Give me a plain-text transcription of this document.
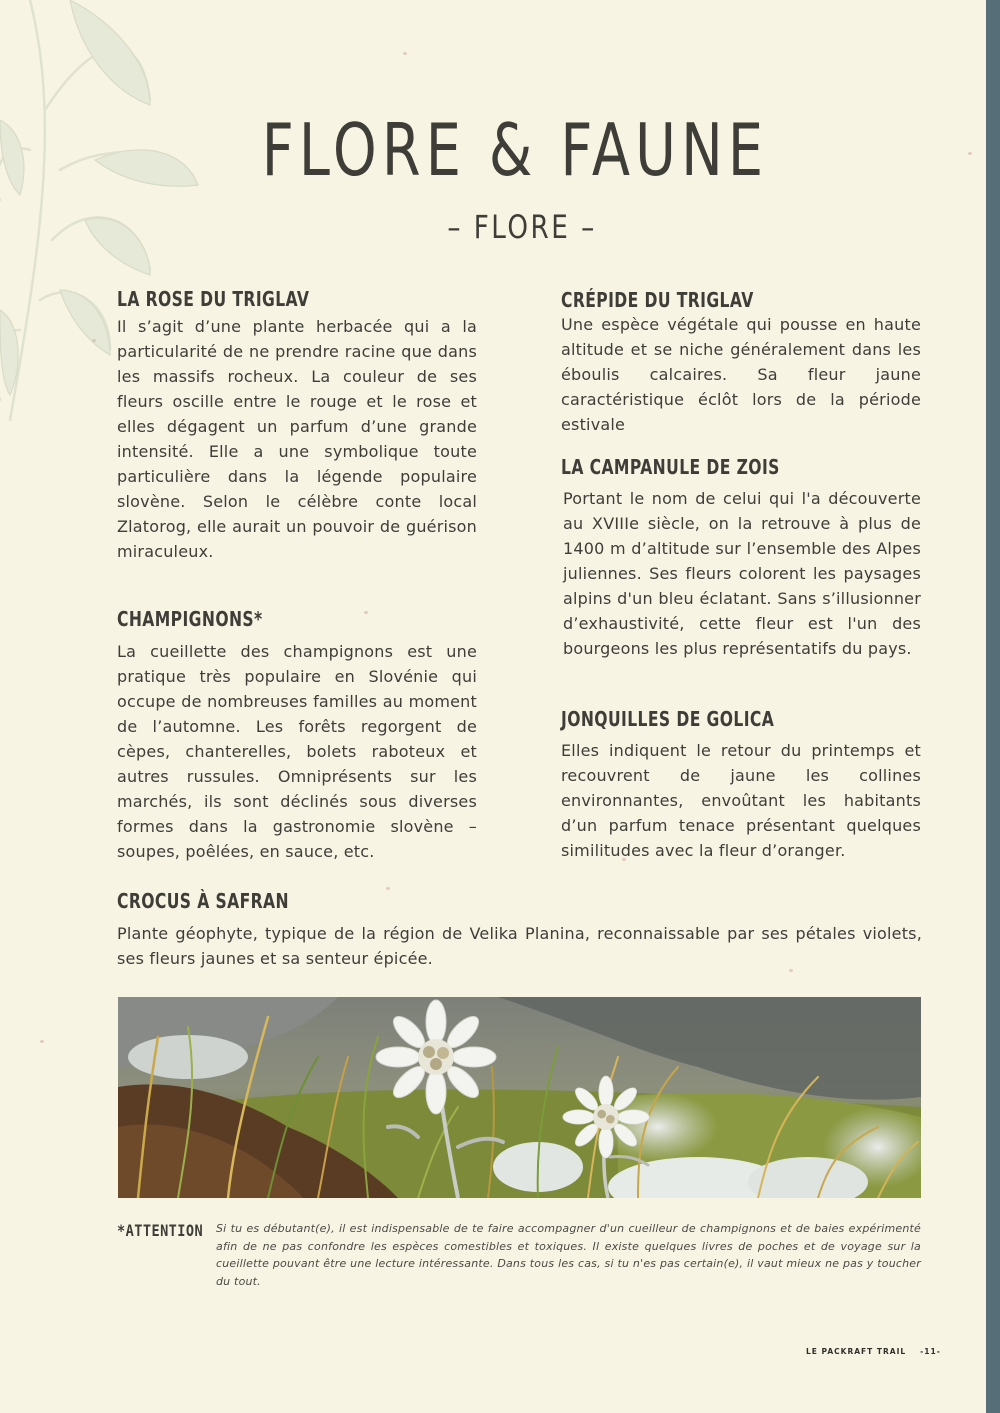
FLORE & FAUNE
– FLORE –
LA ROSE DU TRIGLAV

Il s’agit d’une plante herbacée qui a la particularité de ne prendre racine que dans les massifs rocheux. La couleur de ses fleurs oscille entre le rouge et le rose et elles dégagent un parfum d’une grande intensité. Elle a une symbolique toute particulière dans la légende populaire slovène. Selon le célèbre conte local Zlatorog, elle aurait un pouvoir de guérison miraculeux.

CHAMPIGNONS*

La cueillette des champignons est une pratique très populaire en Slovénie qui occupe de nombreuses familles au moment de l’automne. Les forêts regorgent de cèpes, chanterelles, bolets raboteux et autres russules. Omniprésents sur les marchés, ils sont déclinés sous diverses formes dans la gastronomie slovène – soupes, poêlées, en sauce, etc.

CRÉPIDE DU TRIGLAV

Une espèce végétale qui pousse en haute altitude et se niche généralement dans les éboulis calcaires. Sa fleur jaune caractéristique éclôt lors de la période estivale

LA CAMPANULE DE ZOIS

Portant le nom de celui qui l'a découverte au XVIIIe siècle, on la retrouve à plus de 1400 m d’altitude sur l’ensemble des Alpes juliennes. Ses fleurs colorent les paysages alpins d'un bleu éclatant. Sans s’illusionner d’exhaustivité, cette fleur est l'un des bourgeons les plus représentatifs du pays.

JONQUILLES DE GOLICA

Elles indiquent le retour du printemps et recouvrent de jaune les collines environnantes, envoûtant les habitants d’un parfum tenace présentant quelques similitudes avec la fleur d’oranger.

CROCUS À SAFRAN

Plante géophyte, typique de la région de Velika Planina, reconnaissable par ses pétales violets, ses fleurs jaunes et sa senteur épicée.

*ATTENTION Si tu es débutant(e), il est indispensable de te faire accompagner d'un cueilleur de champignons et de baies expérimenté afin de ne pas confondre les espèces comestibles et toxiques. Il existe quelques livres de poches et de voyage sur la cueillette pouvant être une lecture intéressante. Dans tous les cas, si tu n'es pas certain(e), il vaut mieux ne pas y toucher du tout.

LE PACKRAFT TRAIL -11-
